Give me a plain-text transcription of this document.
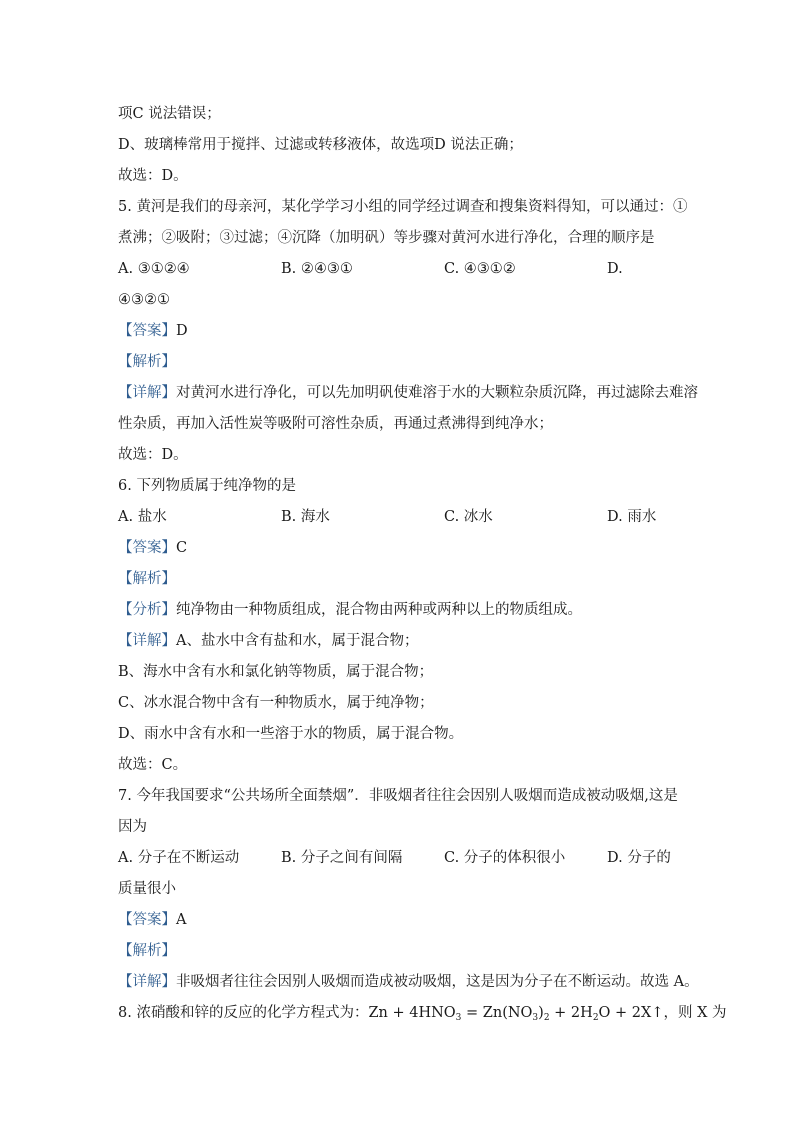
项C 说法错误；
D、玻璃棒常用于搅拌、过滤或转移液体，故选项D 说法正确；
故选：D。
5. 黄河是我们的母亲河，某化学学习小组的同学经过调查和搜集资料得知，可以通过：①
煮沸；②吸附；③过滤；④沉降（加明矾）等步骤对黄河水进行净化，合理的顺序是
A. ③①②④	B. ②④③①	C. ④③①②	D.
④③②①
【答案】D
【解析】
【详解】对黄河水进行净化，可以先加明矾使难溶于水的大颗粒杂质沉降，再过滤除去难溶
性杂质，再加入活性炭等吸附可溶性杂质，再通过煮沸得到纯净水；
故选：D。
6. 下列物质属于纯净物的是
A. 盐水	B. 海水	C. 冰水	D. 雨水
【答案】C
【解析】
【分析】纯净物由一种物质组成，混合物由两种或两种以上的物质组成。
【详解】A、盐水中含有盐和水，属于混合物；
B、海水中含有水和氯化钠等物质，属于混合物；
C、冰水混合物中含有一种物质水，属于纯净物；
D、雨水中含有水和一些溶于水的物质，属于混合物。
故选：C。
7. 今年我国要求“公共场所全面禁烟”．非吸烟者往往会因别人吸烟而造成被动吸烟,这是
因为
A. 分子在不断运动	B. 分子之间有间隔	C. 分子的体积很小	D. 分子的
质量很小
【答案】A
【解析】
【详解】非吸烟者往往会因别人吸烟而造成被动吸烟，这是因为分子在不断运动。故选 A。
8. 浓硝酸和锌的反应的化学方程式为：$Zn + 4HNO_3 = Zn(NO_3)_2 + 2H_2O$ + 2X↑，则 X 为
